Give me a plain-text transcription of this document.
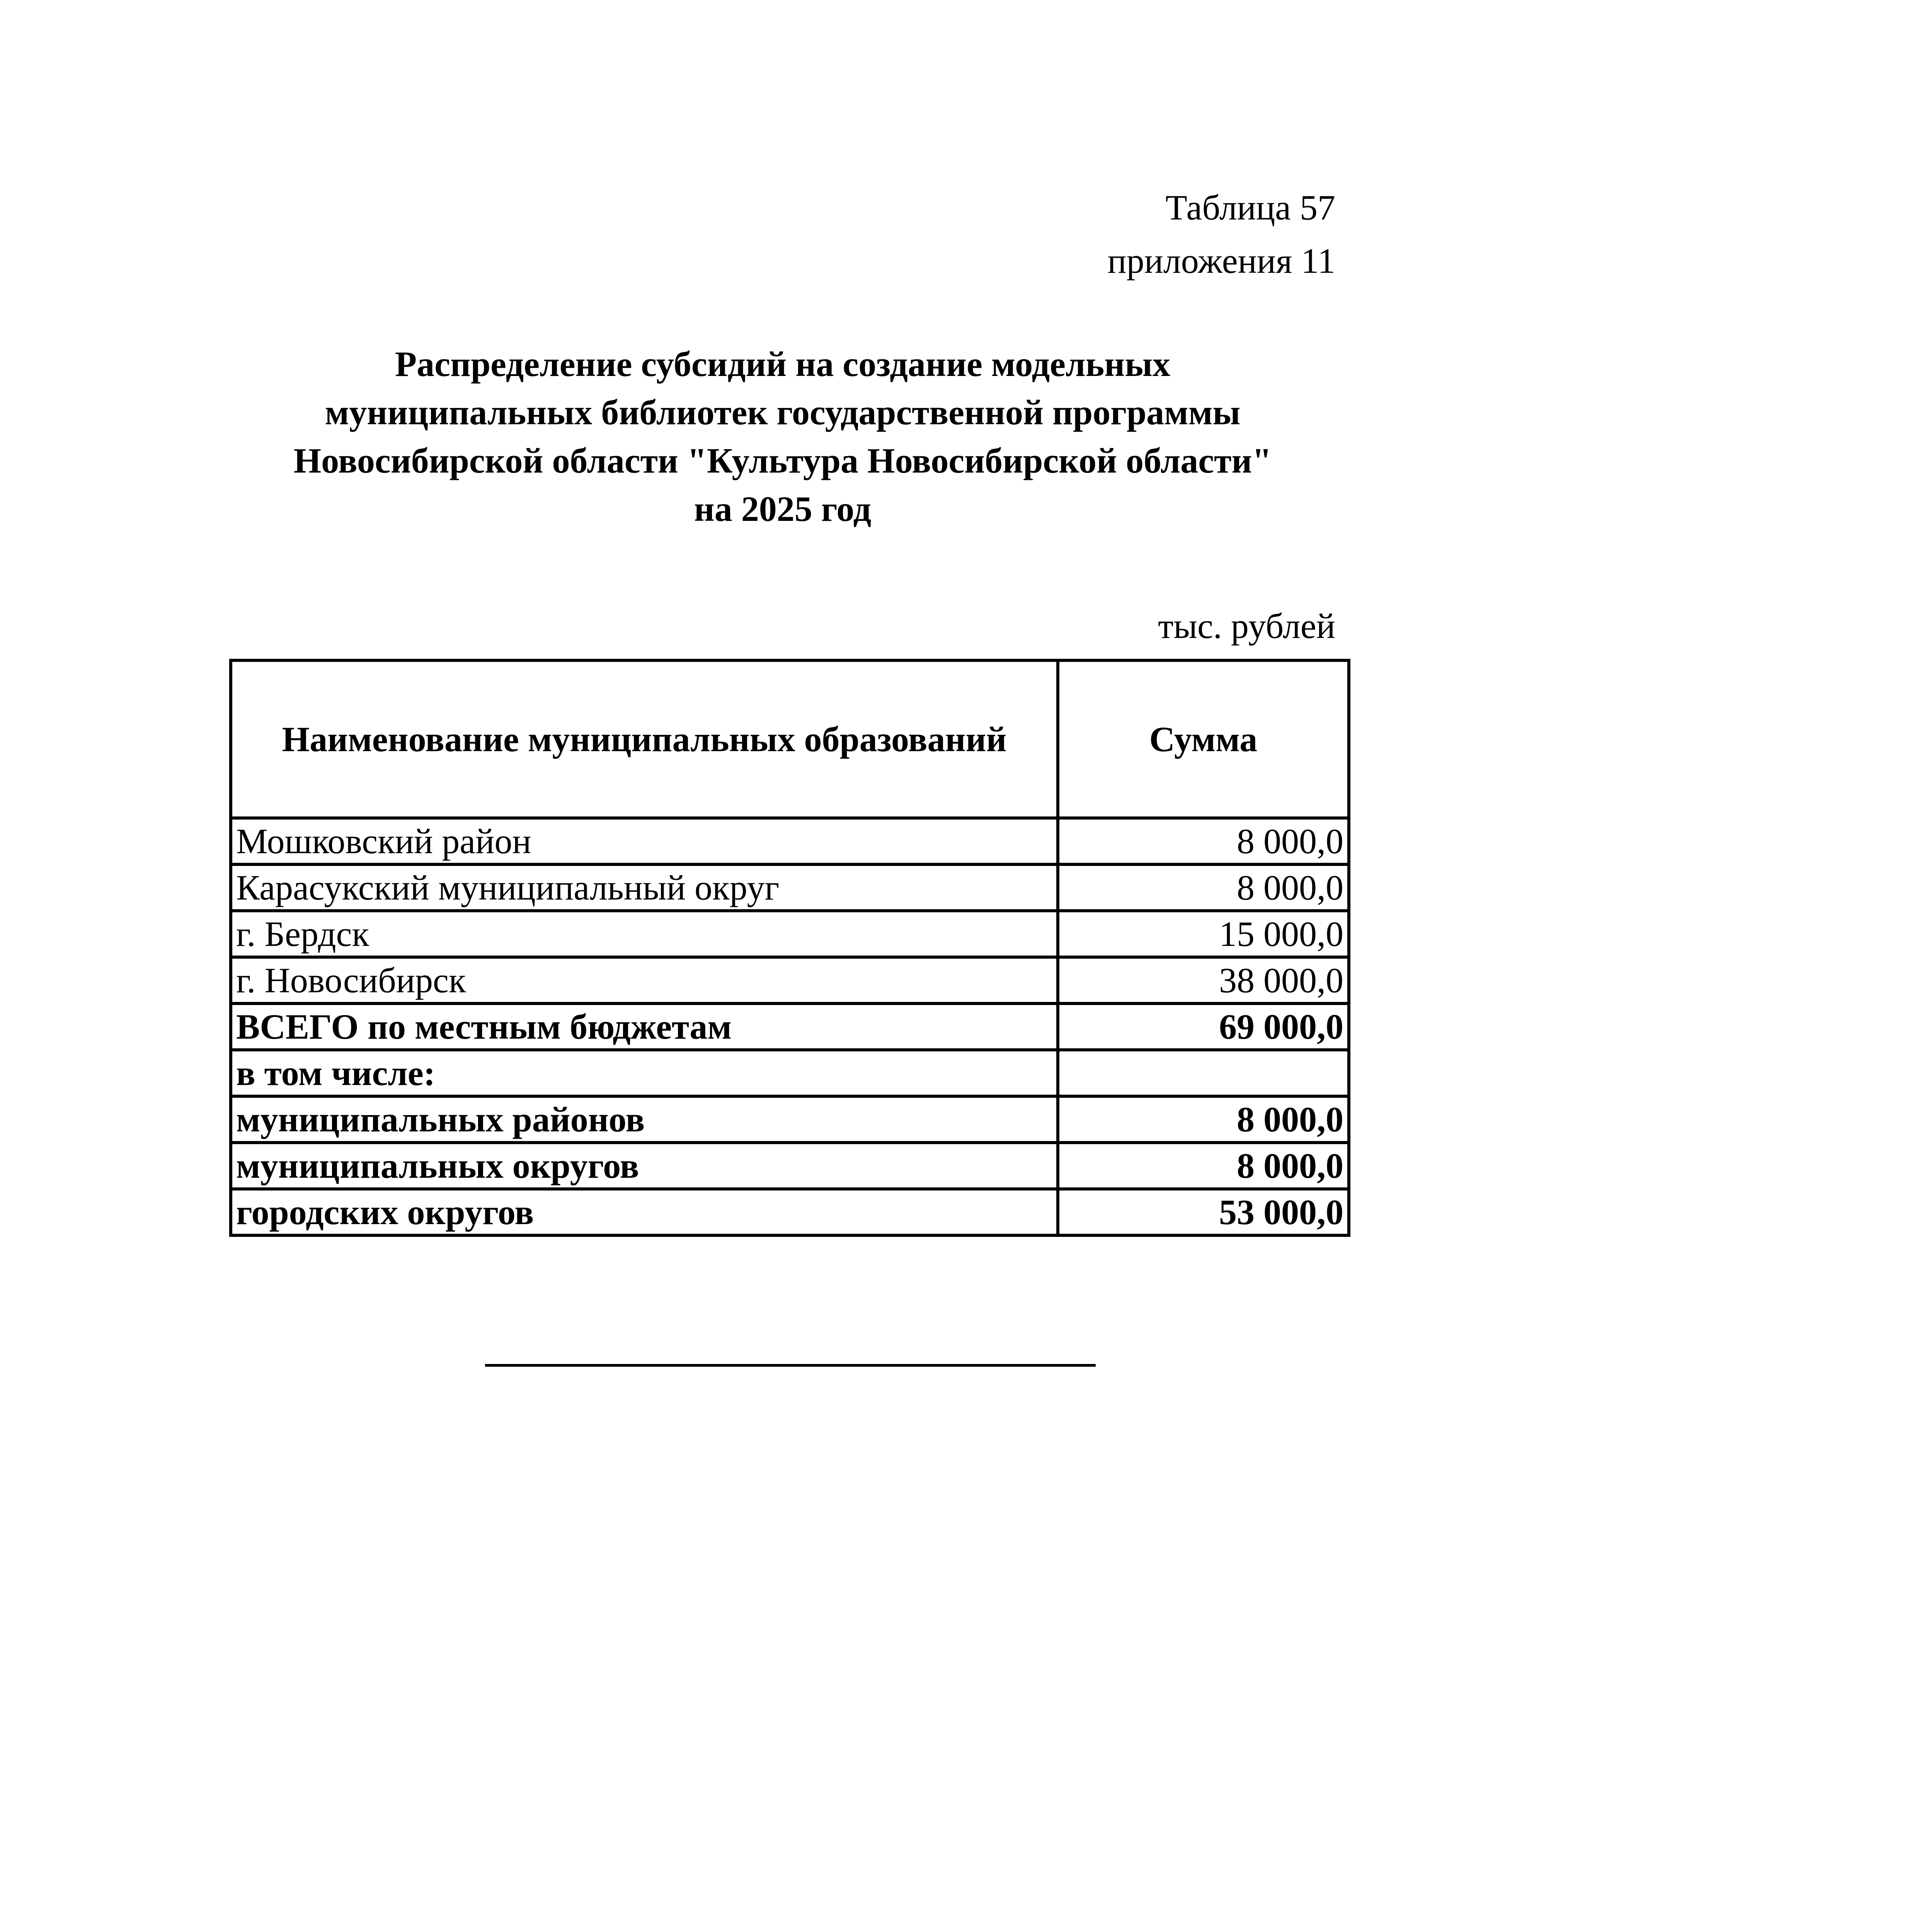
Таблица 57
приложения 11
Распределение субсидий на создание модельных
муниципальных библиотек государственной программы
Новосибирской области "Культура Новосибирской области"
на 2025 год
тыс. рублей
Наименование муниципальных образований	Сумма
Мошковский район	8 000,0
Карасукский муниципальный округ	8 000,0
г. Бердск	15 000,0
г. Новосибирск	38 000,0
ВСЕГО по местным бюджетам	69 000,0
в том числе:	
муниципальных районов	8 000,0
муниципальных округов	8 000,0
городских округов	53 000,0
